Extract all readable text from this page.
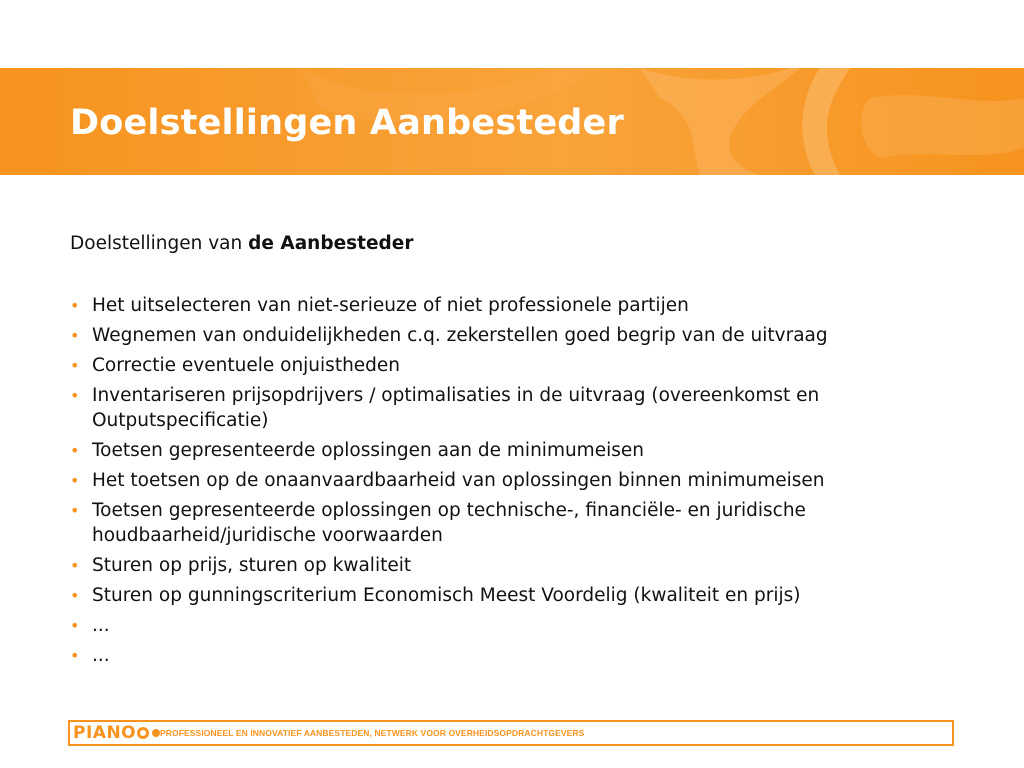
Doelstellingen Aanbesteder

Doelstellingen van de Aanbesteder

• Het uitselecteren van niet-serieuze of niet professionele partijen
• Wegnemen van onduidelijkheden c.q. zekerstellen goed begrip van de uitvraag
• Correctie eventuele onjuistheden
• Inventariseren prijsopdrijvers / optimalisaties in de uitvraag (overeenkomst en Outputspecificatie)
• Toetsen gepresenteerde oplossingen aan de minimumeisen
• Het toetsen op de onaanvaardbaarheid van oplossingen binnen minimumeisen
• Toetsen gepresenteerde oplossingen op technische-, financiële- en juridische houdbaarheid/juridische voorwaarden
• Sturen op prijs, sturen op kwaliteit
• Sturen op gunningscriterium Economisch Meest Voordelig (kwaliteit en prijs)
• ...
• ...
PIANO	PROFESSIONEEL EN INNOVATIEF AANBESTEDEN, NETWERK VOOR OVERHEIDSOPDRACHTGEVERS
